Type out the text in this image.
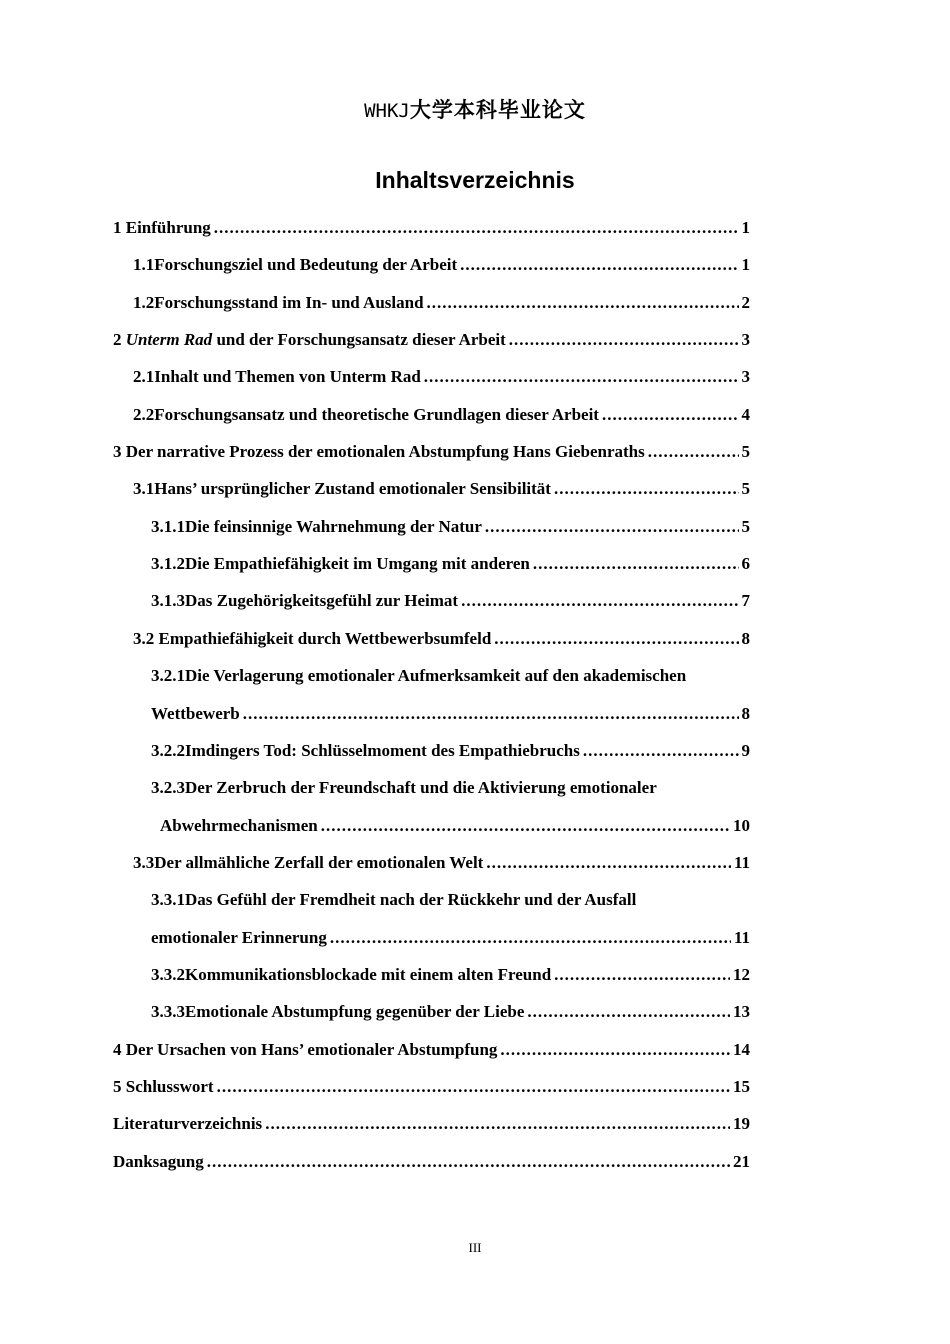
WHKJ大学本科毕业论文
Inhaltsverzeichnis
1 Einführung .....	1
1.1Forschungsziel und Bedeutung der Arbeit .....	1
1.2Forschungsstand im In- und Ausland .....	2
2 Unterm Rad und der Forschungsansatz dieser Arbeit .....	3
2.1Inhalt und Themen von Unterm Rad .....	3
2.2Forschungsansatz und theoretische Grundlagen dieser Arbeit .....	4
3 Der narrative Prozess der emotionalen Abstumpfung Hans Giebenraths .....	5
3.1Hans’ ursprünglicher Zustand emotionaler Sensibilität .....	5
3.1.1Die feinsinnige Wahrnehmung der Natur .....	5
3.1.2Die Empathiefähigkeit im Umgang mit anderen .....	6
3.1.3Das Zugehörigkeitsgefühl zur Heimat .....	7
3.2 Empathiefähigkeit durch Wettbewerbsumfeld .....	8
3.2.1Die Verlagerung emotionaler Aufmerksamkeit auf den akademischen
Wettbewerb .....	8
3.2.2Imdingers Tod: Schlüsselmoment des Empathiebruchs .....	9
3.2.3Der Zerbruch der Freundschaft und die Aktivierung emotionaler
Abwehrmechanismen .....	10
3.3Der allmähliche Zerfall der emotionalen Welt .....	11
3.3.1Das Gefühl der Fremdheit nach der Rückkehr und der Ausfall
emotionaler Erinnerung .....	11
3.3.2Kommunikationsblockade mit einem alten Freund .....	12
3.3.3Emotionale Abstumpfung gegenüber der Liebe .....	13
4 Der Ursachen von Hans’ emotionaler Abstumpfung .....	14
5 Schlusswort .....	15
Literaturverzeichnis .....	19
Danksagung .....	21
III
